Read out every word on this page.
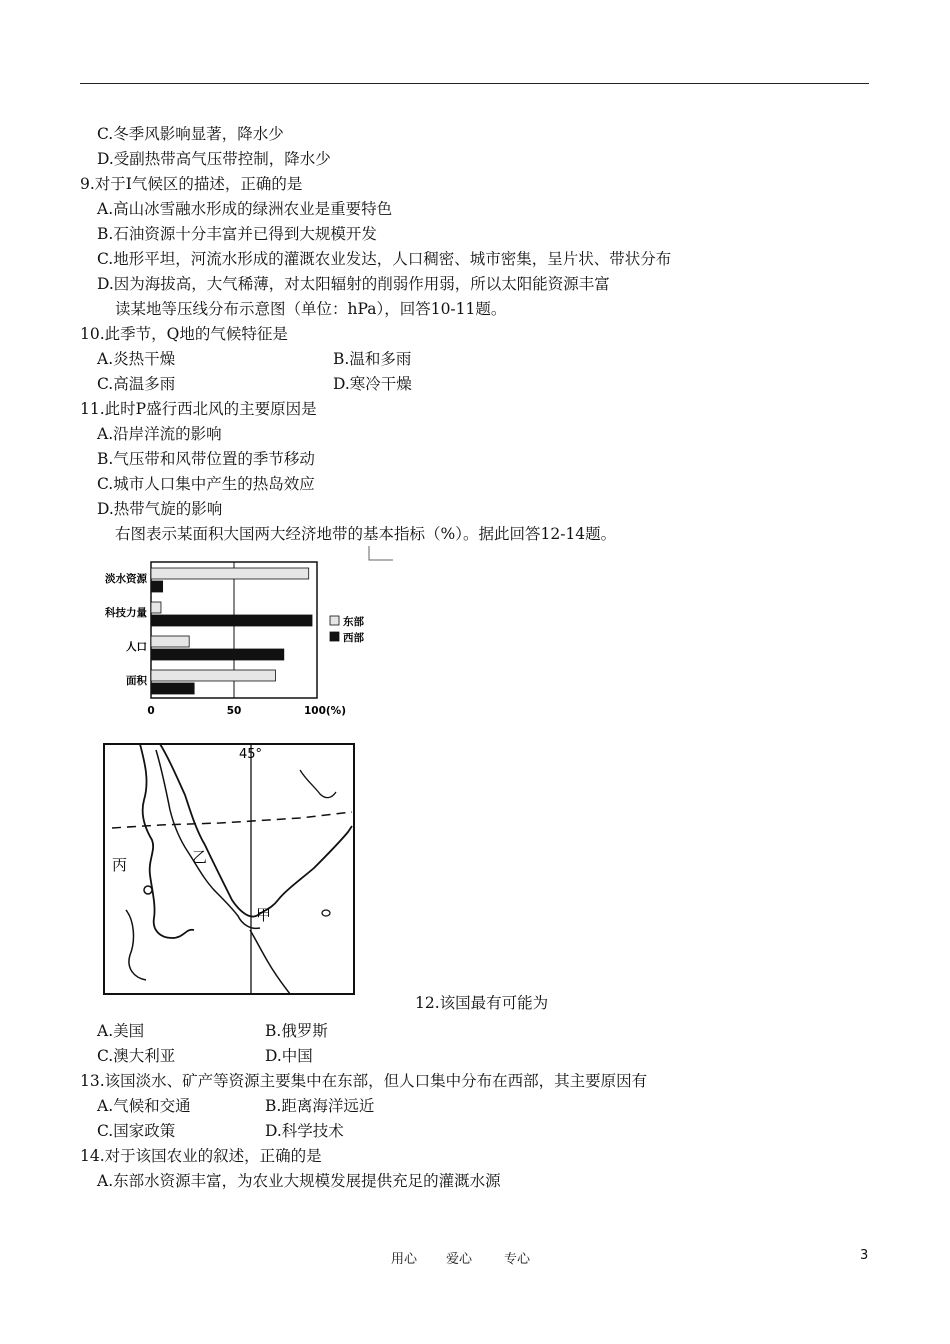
C.冬季风影响显著，降水少
D.受副热带高气压带控制，降水少
9.对于Ⅰ气候区的描述，正确的是
A.高山冰雪融水形成的绿洲农业是重要特色
B.石油资源十分丰富并已得到大规模开发
C.地形平坦，河流水形成的灌溉农业发达，人口稠密、城市密集，呈片状、带状分布
D.因为海拔高，大气稀薄，对太阳辐射的削弱作用弱，所以太阳能资源丰富
读某地等压线分布示意图（单位：hPa），回答10-11题。
10.此季节，Q地的气候特征是
A.炎热干燥	B.温和多雨
C.高温多雨	D.寒冷干燥
11.此时P盛行西北风的主要原因是
A.沿岸洋流的影响
B.气压带和风带位置的季节移动
C.城市人口集中产生的热岛效应
D.热带气旋的影响
右图表示某面积大国两大经济地带的基本指标（%）。据此回答12-14题。
淡水资源
科技力量
人口
面积
0	50	100(%)
东部
西部
45°
丙	乙
甲
12.该国最有可能为
A.美国	B.俄罗斯
C.澳大利亚	D.中国
13.该国淡水、矿产等资源主要集中在东部，但人口集中分布在西部，其主要原因有
A.气候和交通	B.距离海洋远近
C.国家政策	D.科学技术
14.对于该国农业的叙述，正确的是
A.东部水资源丰富，为农业大规模发展提供充足的灌溉水源
用心 爱心 专心	3
